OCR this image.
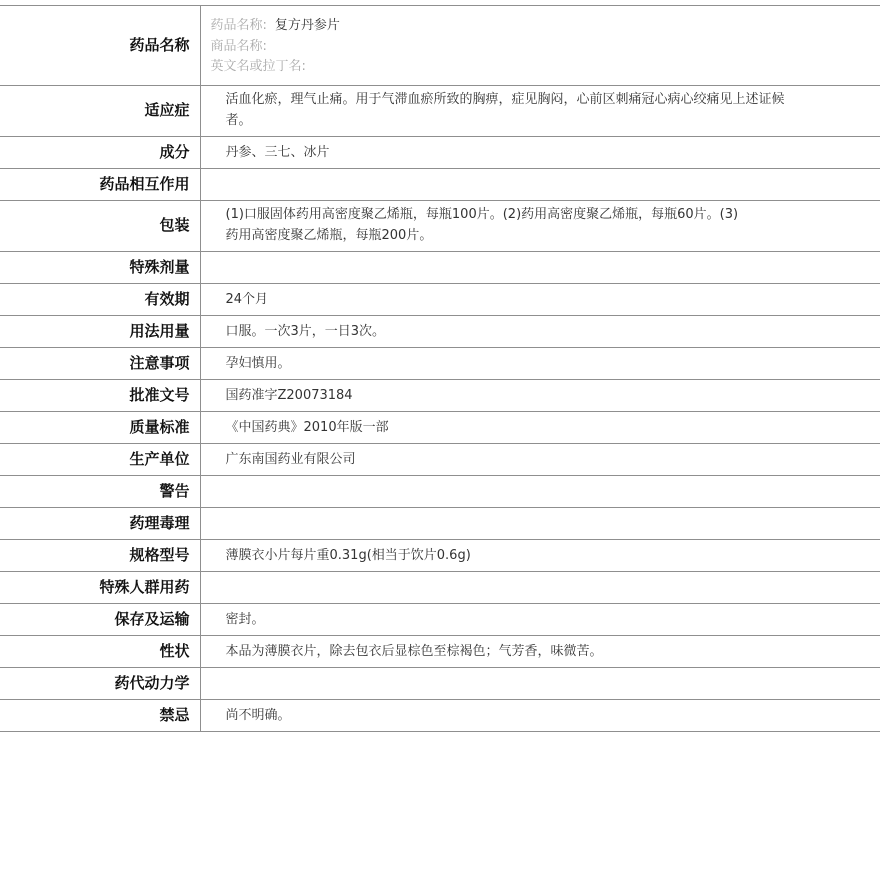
药品名称	药品名称: 复方丹参片
商品名称:
英文名或拉丁名:

适应症	活血化瘀，理气止痛。用于气滞血瘀所致的胸痹，症见胸闷，心前区刺痛冠心病心绞痛见上述证候者。

成分	丹参、三七、冰片
药品相互作用	
包装	(1)口服固体药用高密度聚乙烯瓶，每瓶100片。(2)药用高密度聚乙烯瓶，每瓶60片。(3)药用高密度聚乙烯瓶，每瓶200片。

特殊剂量	
有效期	24个月
用法用量	口服。一次3片，一日3次。
注意事项	孕妇慎用。
批准文号	国药准字Z20073184
质量标准	《中国药典》2010年版一部
生产单位	广东南国药业有限公司
警告	
药理毒理	
规格型号	薄膜衣小片每片重0.31g(相当于饮片0.6g)
特殊人群用药	
保存及运输	密封。
性状	本品为薄膜衣片，除去包衣后显棕色至棕褐色；气芳香，味微苦。
药代动力学	
禁忌	尚不明确。
